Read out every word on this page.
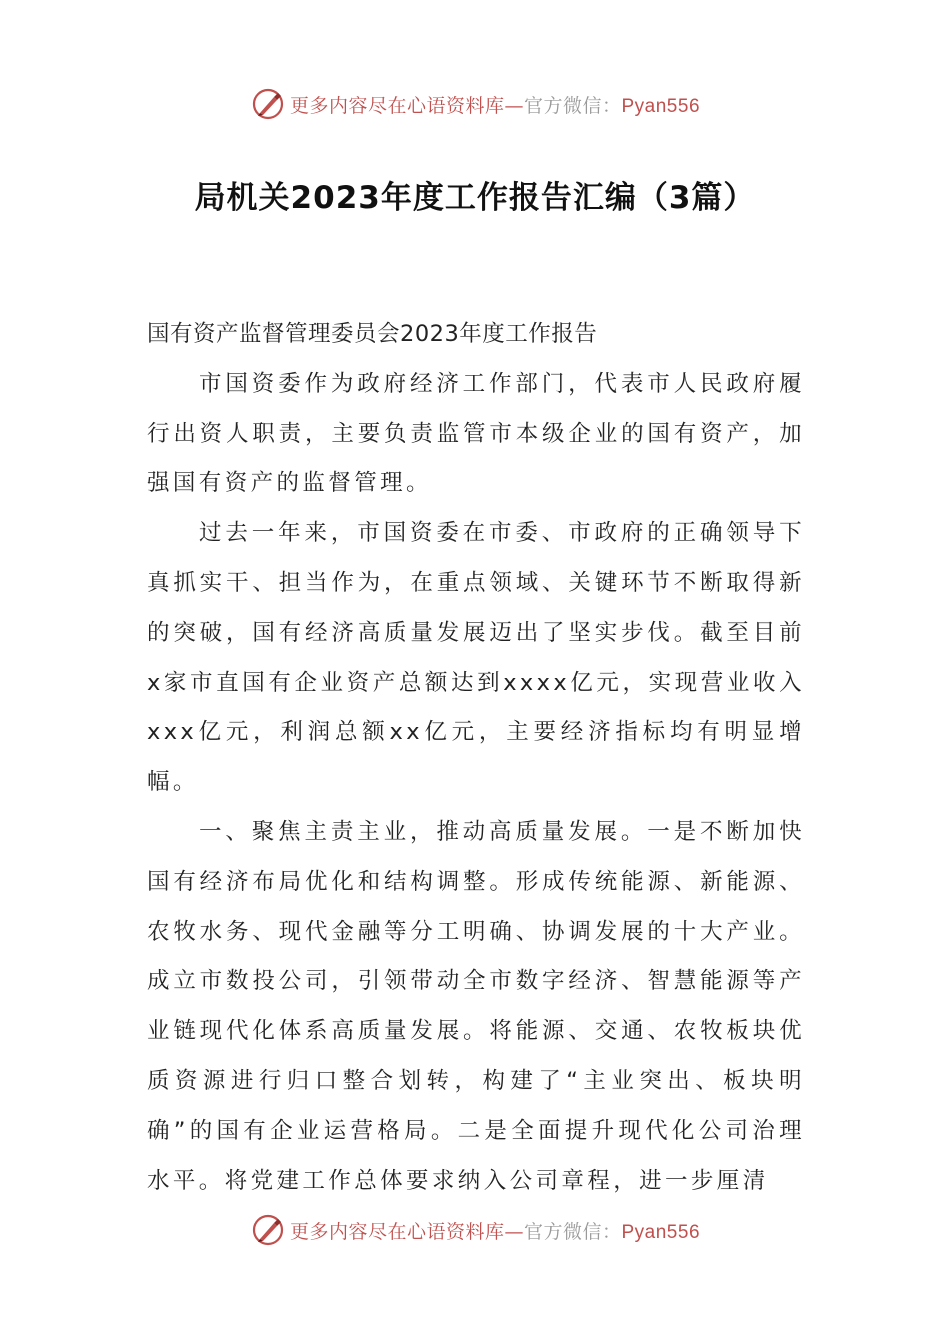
更多内容尽在心语资料库—官方微信：Pyan556
局机关2023年度工作报告汇编（3篇）

国有资产监督管理委员会2023年度工作报告

市国资委作为政府经济工作部门，代表市人民政府履行出资人职责，主要负责监管市本级企业的国有资产，加强国有资产的监督管理。

过去一年来，市国资委在市委、市政府的正确领导下真抓实干、担当作为，在重点领域、关键环节不断取得新的突破，国有经济高质量发展迈出了坚实步伐。截至目前x家市直国有企业资产总额达到xxxx亿元，实现营业收入xxx亿元，利润总额xx亿元，主要经济指标均有明显增幅。

一、聚焦主责主业，推动高质量发展。一是不断加快国有经济布局优化和结构调整。形成传统能源、新能源、农牧水务、现代金融等分工明确、协调发展的十大产业。成立市数投公司，引领带动全市数字经济、智慧能源等产业链现代化体系高质量发展。将能源、交通、农牧板块优质资源进行归口整合划转，构建了“主业突出、板块明确”的国有企业运营格局。二是全面提升现代化公司治理水平。将党建工作总体要求纳入公司章程，进一步厘清

更多内容尽在心语资料库—官方微信：Pyan556
